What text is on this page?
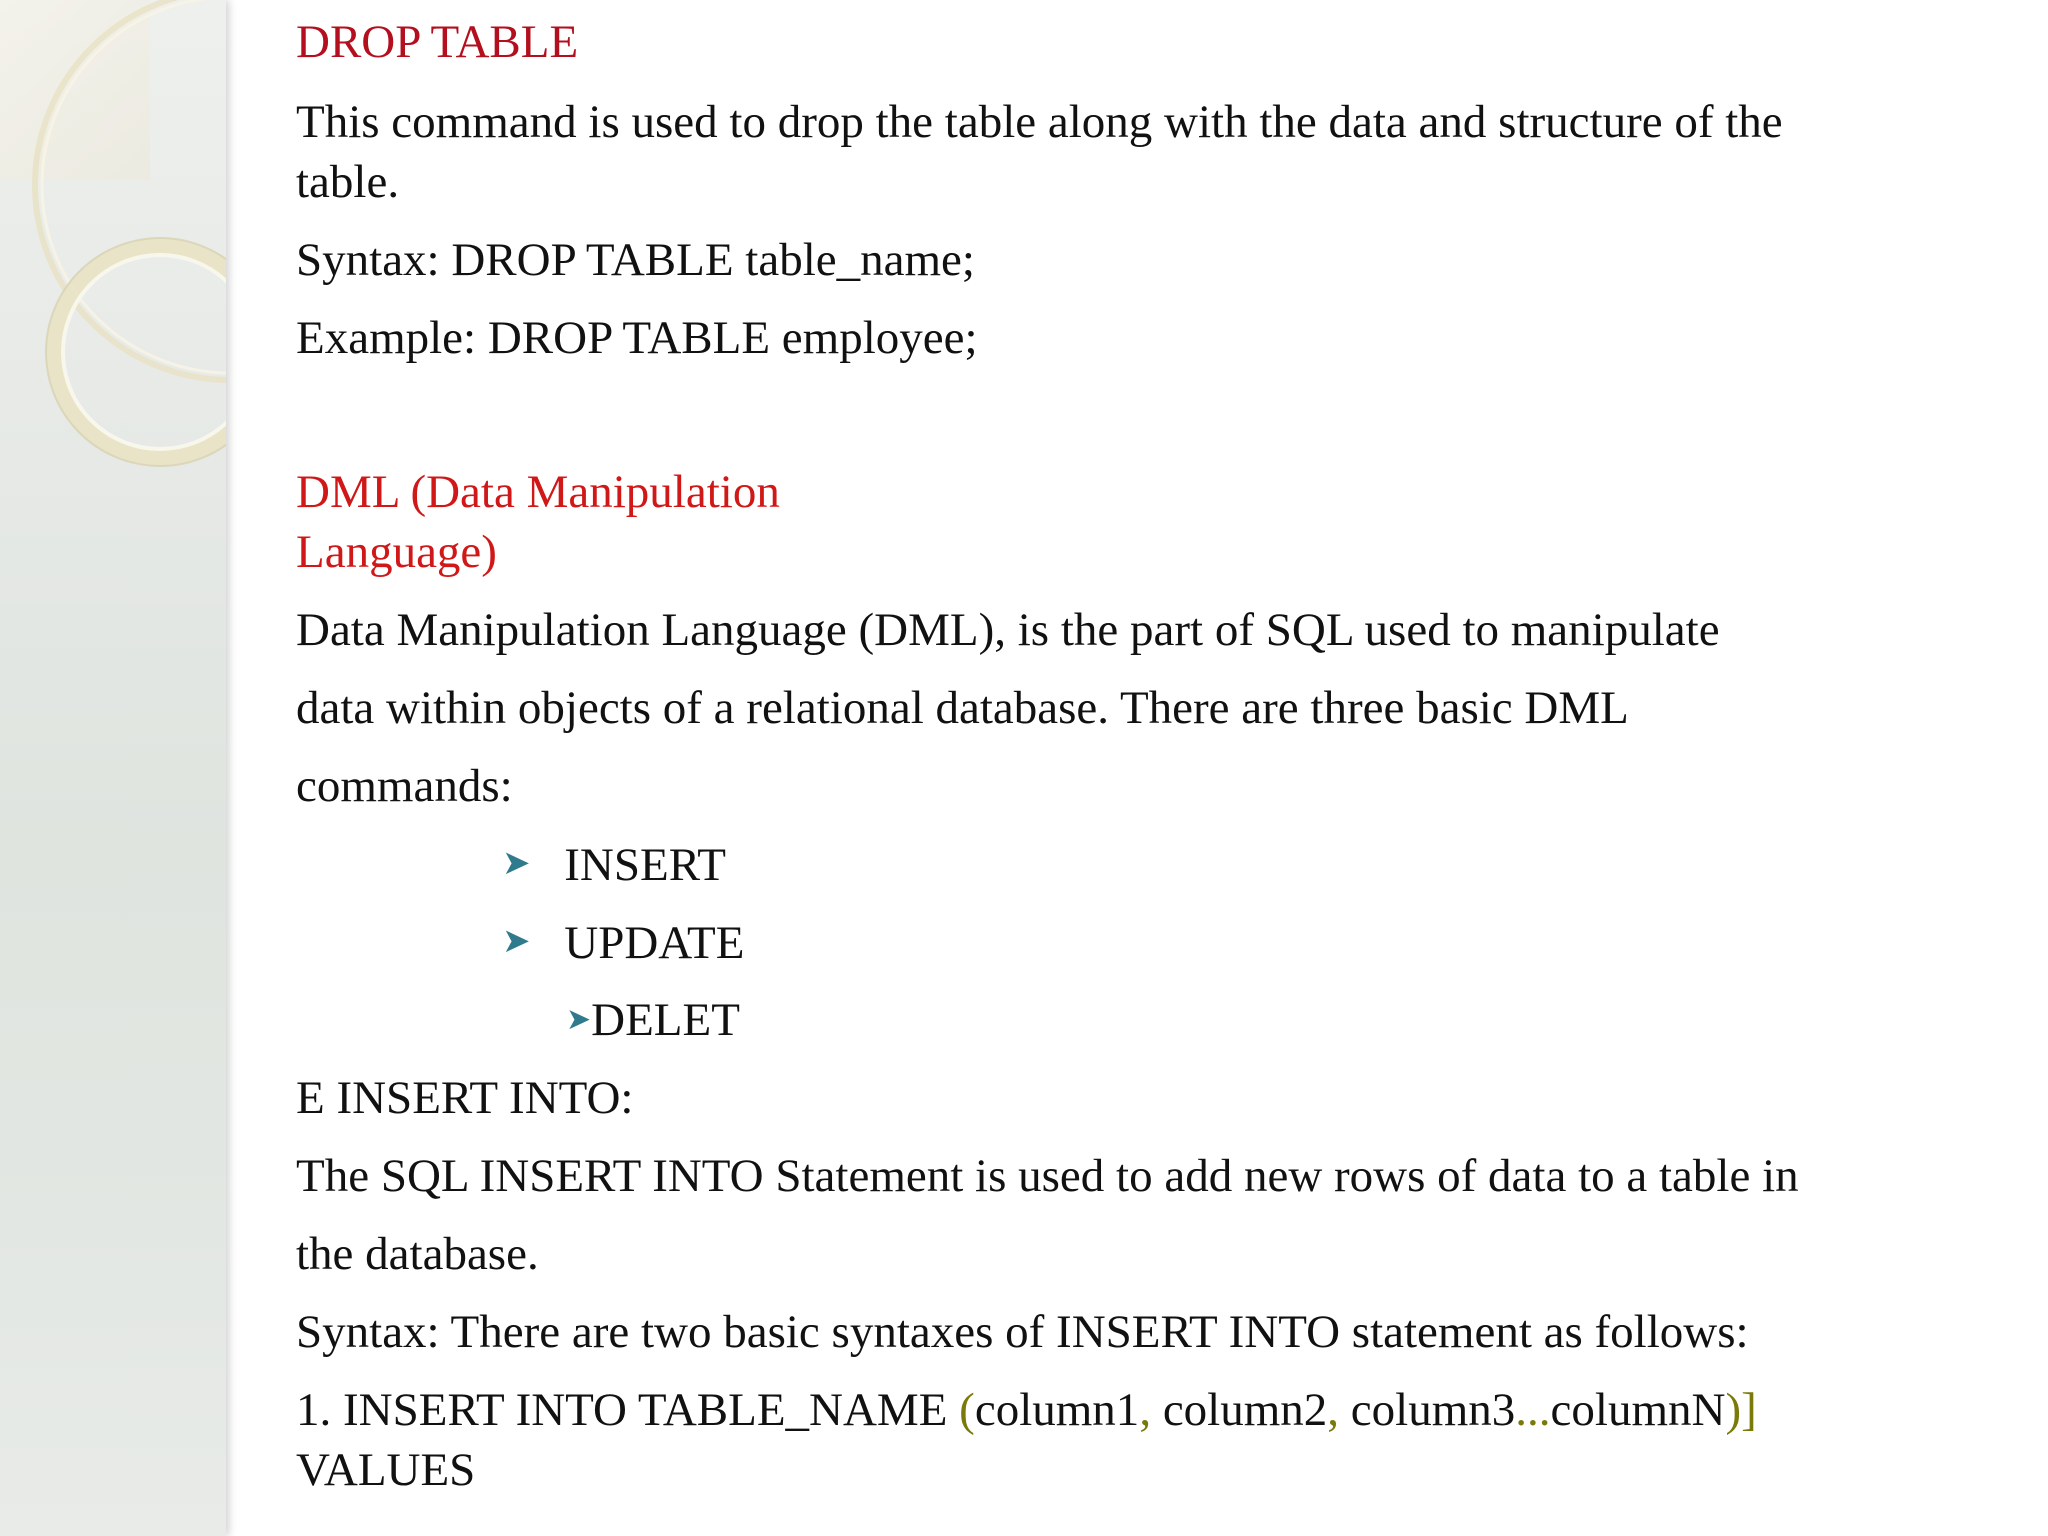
DROP TABLE
This command is used to drop the table along with the data and structure of the
table.
Syntax: DROP TABLE table_name;
Example: DROP TABLE employee;
DML (Data Manipulation
Language)
Data Manipulation Language (DML), is the part of SQL used to manipulate
data within objects of a relational database. There are three basic DML
commands:
➤ INSERT
➤ UPDATE
➤DELET
E INSERT INTO:
The SQL INSERT INTO Statement is used to add new rows of data to a table in
the database.
Syntax: There are two basic syntaxes of INSERT INTO statement as follows:
1. INSERT INTO TABLE_NAME (column1, column2, column3...columnN)]
VALUES
